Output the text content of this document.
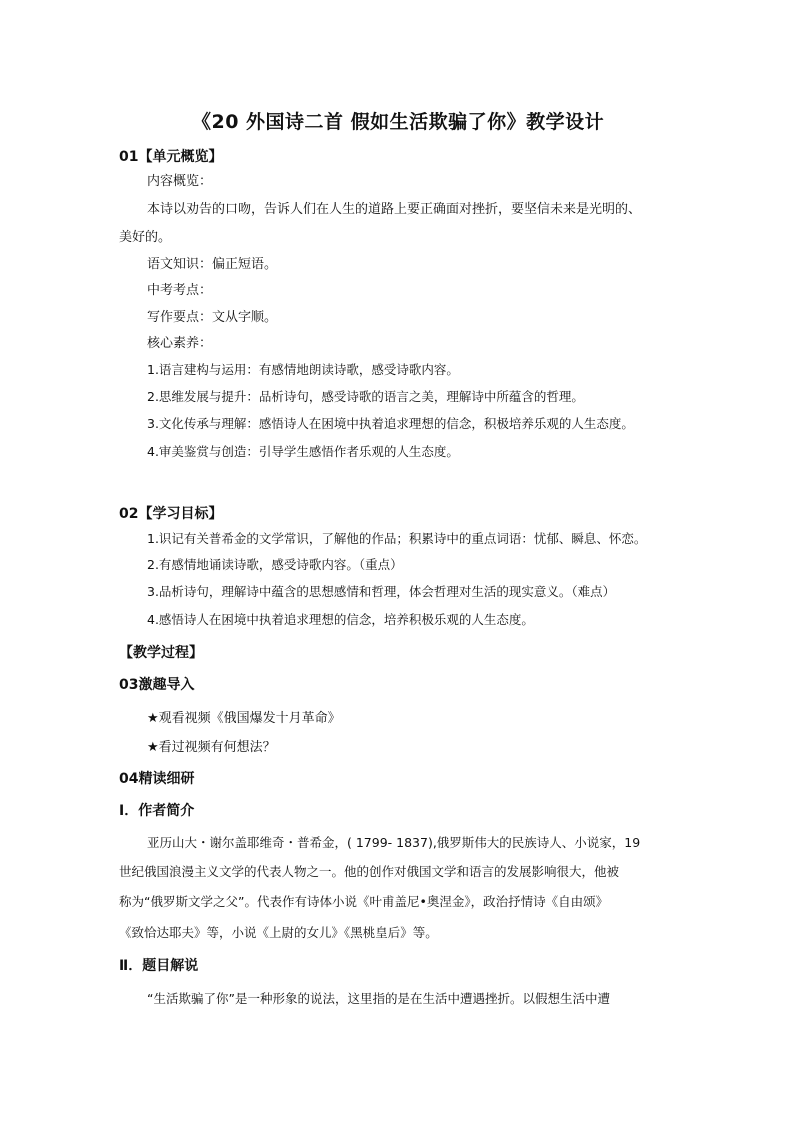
《20 外国诗二首 假如生活欺骗了你》教学设计
01【单元概览】
内容概览：
本诗以劝告的口吻，告诉人们在人生的道路上要正确面对挫折，要坚信未来是光明的、
美好的。
语文知识：偏正短语。
中考考点：
写作要点：文从字顺。
核心素养：
1.语言建构与运用：有感情地朗读诗歌，感受诗歌内容。
2.思维发展与提升：品析诗句，感受诗歌的语言之美，理解诗中所蕴含的哲理。
3.文化传承与理解：感悟诗人在困境中执着追求理想的信念，积极培养乐观的人生态度。
4.审美鉴赏与创造：引导学生感悟作者乐观的人生态度。
02【学习目标】
1.识记有关普希金的文学常识，了解他的作品；积累诗中的重点词语：忧郁、瞬息、怀恋。
2.有感情地诵读诗歌，感受诗歌内容。（重点）
3.品析诗句，理解诗中蕴含的思想感情和哲理，体会哲理对生活的现实意义。（难点）
4.感悟诗人在困境中执着追求理想的信念，培养积极乐观的人生态度。
【教学过程】
03激趣导入
★观看视频《俄国爆发十月革命》
★看过视频有何想法？
04精读细研
Ⅰ．作者简介
亚历山大・谢尔盖耶维奇・普希金，( 1799- 1837),俄罗斯伟大的民族诗人、小说家，19
世纪俄国浪漫主义文学的代表人物之一。他的创作对俄国文学和语言的发展影响很大，他被
称为“俄罗斯文学之父”。代表作有诗体小说《叶甫盖尼•奥涅金》，政治抒情诗《自由颂》
《致恰达耶夫》等，小说《上尉的女儿》《黑桃皇后》等。
Ⅱ．题目解说
“生活欺骗了你”是一种形象的说法，这里指的是在生活中遭遇挫折。以假想生活中遭
